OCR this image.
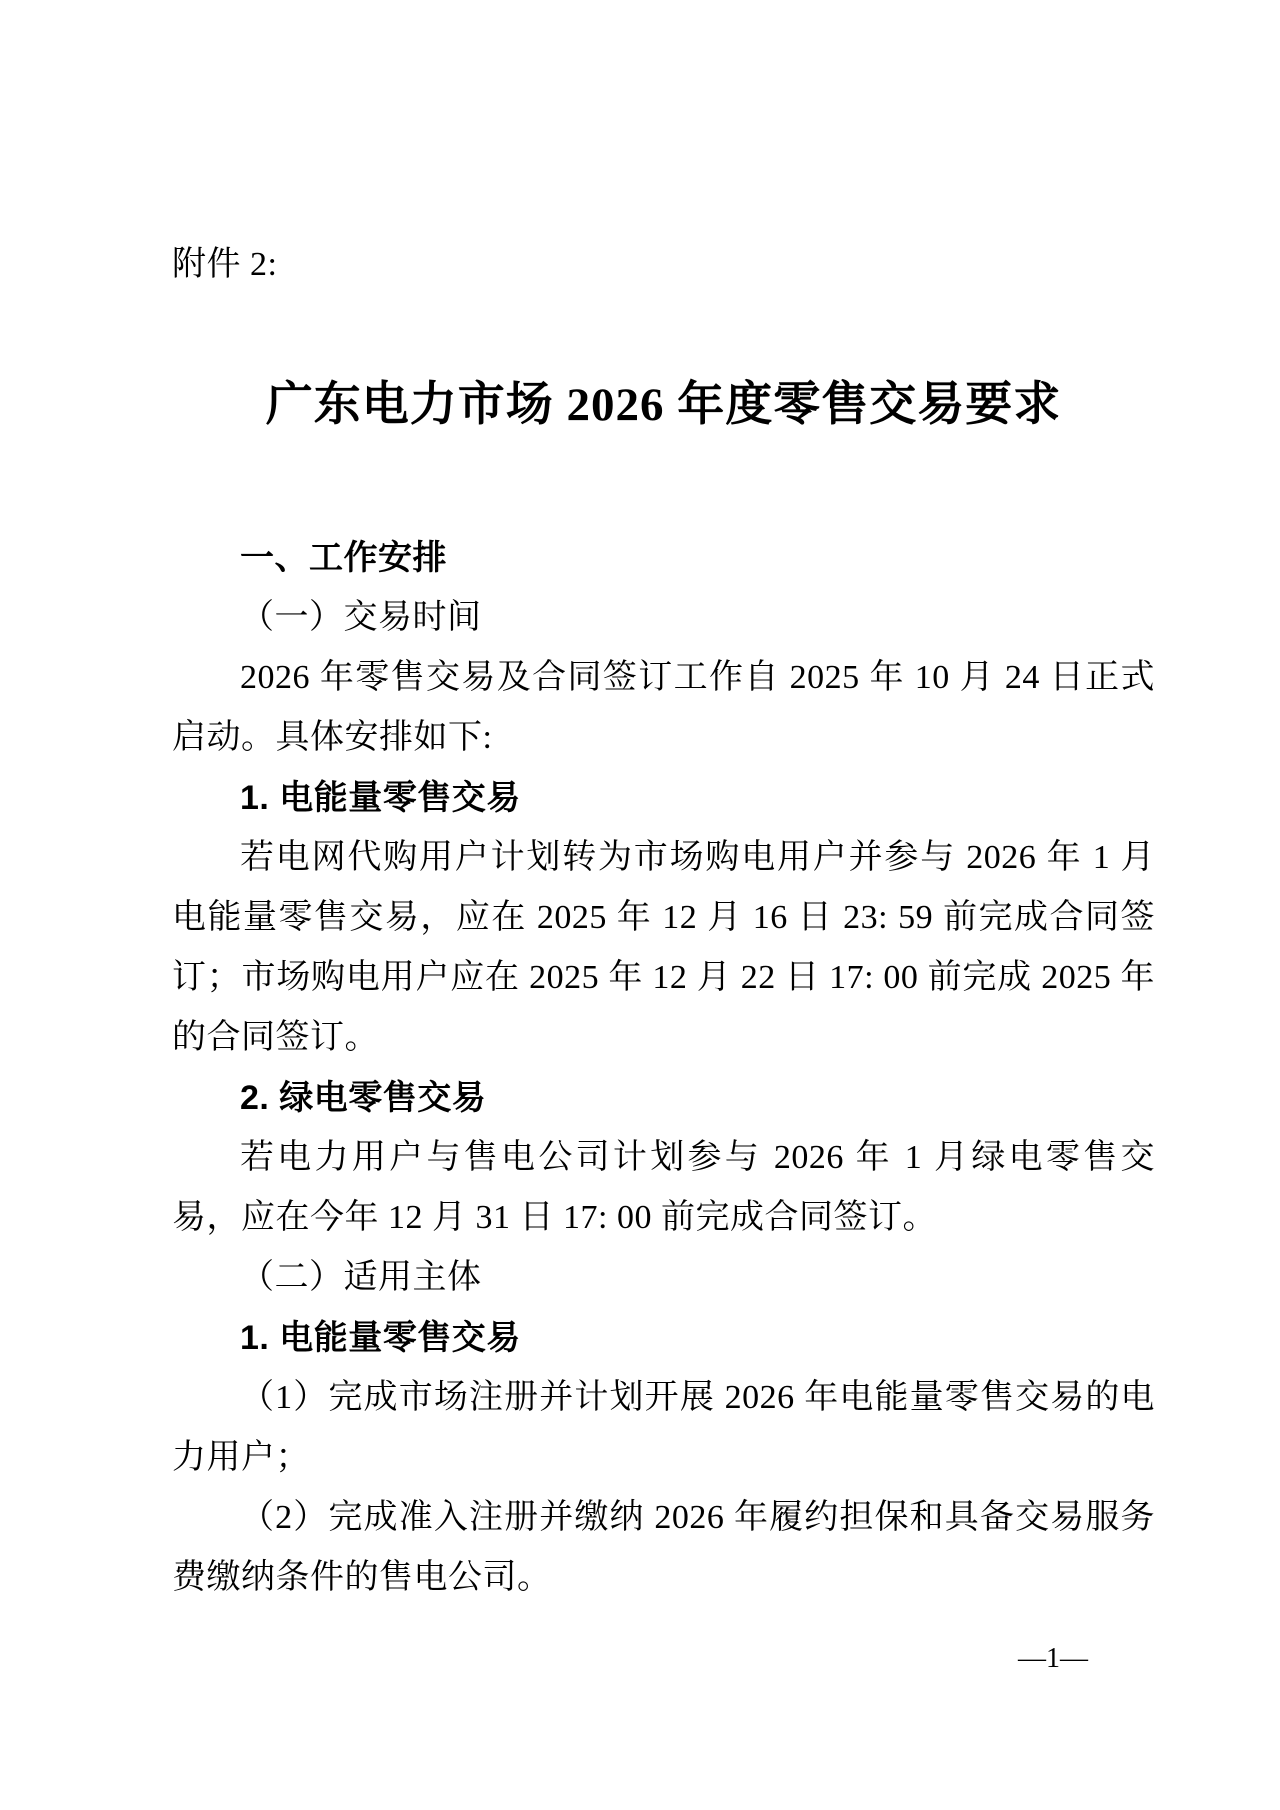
附件 2:
广东电力市场 2026 年度零售交易要求
一、工作安排
（一）交易时间
2026 年零售交易及合同签订工作自 2025 年 10 月 24 日正式启动。具体安排如下:
1. 电能量零售交易
若电网代购用户计划转为市场购电用户并参与 2026 年 1 月电能量零售交易，应在 2025 年 12 月 16 日 23: 59 前完成合同签订；市场购电用户应在 2025 年 12 月 22 日 17: 00 前完成 2025 年的合同签订。
2. 绿电零售交易
若电力用户与售电公司计划参与 2026 年 1 月绿电零售交易，应在今年 12 月 31 日 17: 00 前完成合同签订。
（二）适用主体
1. 电能量零售交易
（1）完成市场注册并计划开展 2026 年电能量零售交易的电力用户；
（2）完成准入注册并缴纳 2026 年履约担保和具备交易服务费缴纳条件的售电公司。
—1—
